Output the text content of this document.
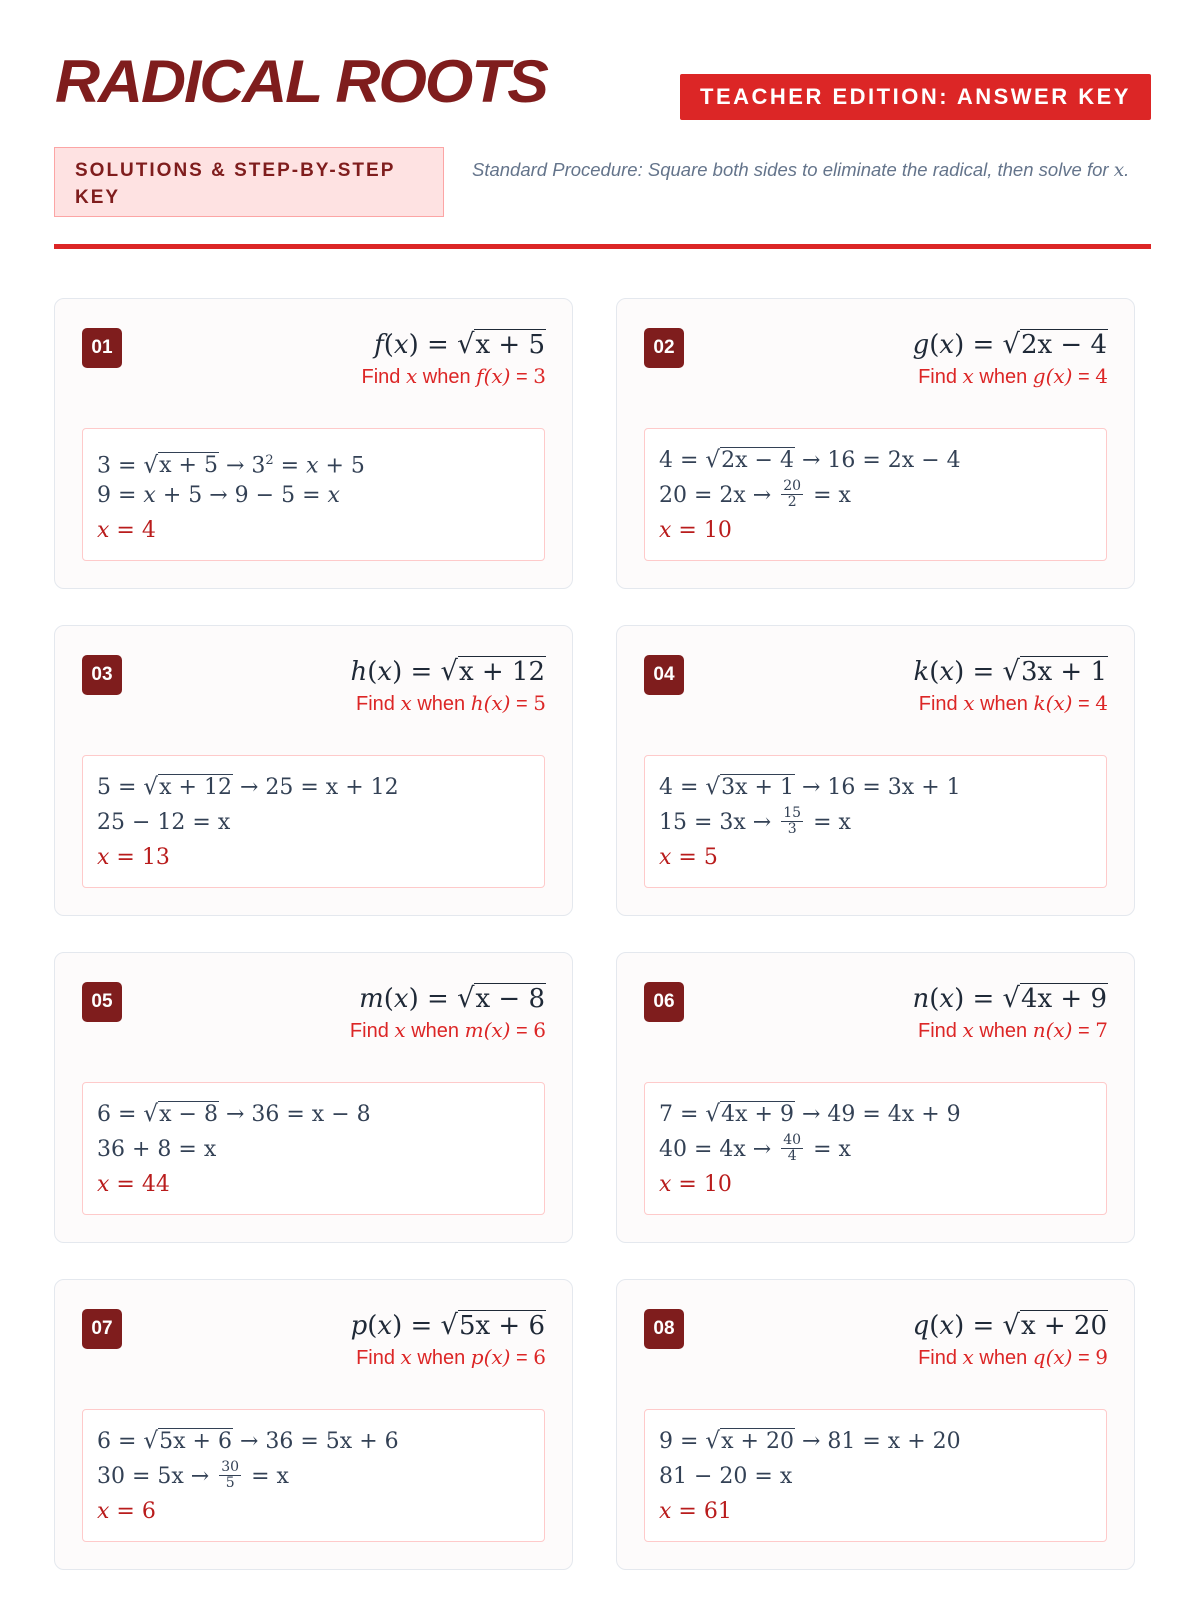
RADICAL ROOTS	TEACHER EDITION: ANSWER KEY
SOLUTIONS & STEP-BY-STEP KEY
Standard Procedure: Square both sides to eliminate the radical, then solve for x.
01	f(x) = √x + 5
Find x when f(x) = 3
$3 = √x + 5 \to 3^2 = x + 5$
9 = x + 5 → 9 − 5 = x
x = 4
02	g(x) = √2x − 4
Find x when g(x) = 4
4 = √2x − 4 → 16 = 2x − 4
$20 = 2x \to \frac{20}{2} = x$
x = 10
03	h(x) = √x + 12
Find x when h(x) = 5
5 = √x + 12 → 25 = x + 12
25 − 12 = x
x = 13
04	k(x) = √3x + 1
Find x when k(x) = 4
4 = √3x + 1 → 16 = 3x + 1
$15 = 3x \to \frac{15}{3} = x$
x = 5
05	m(x) = √x − 8
Find x when m(x) = 6
6 = √x − 8 → 36 = x − 8
36 + 8 = x
x = 44
06	n(x) = √4x + 9
Find x when n(x) = 7
7 = √4x + 9 → 49 = 4x + 9
$40 = 4x \to \frac{40}{4} = x$
x = 10
07	p(x) = √5x + 6
Find x when p(x) = 6
6 = √5x + 6 → 36 = 5x + 6
$30 = 5x \to \frac{30}{5} = x$
x = 6
08	q(x) = √x + 20
Find x when q(x) = 9
9 = √x + 20 → 81 = x + 20
81 − 20 = x
x = 61
